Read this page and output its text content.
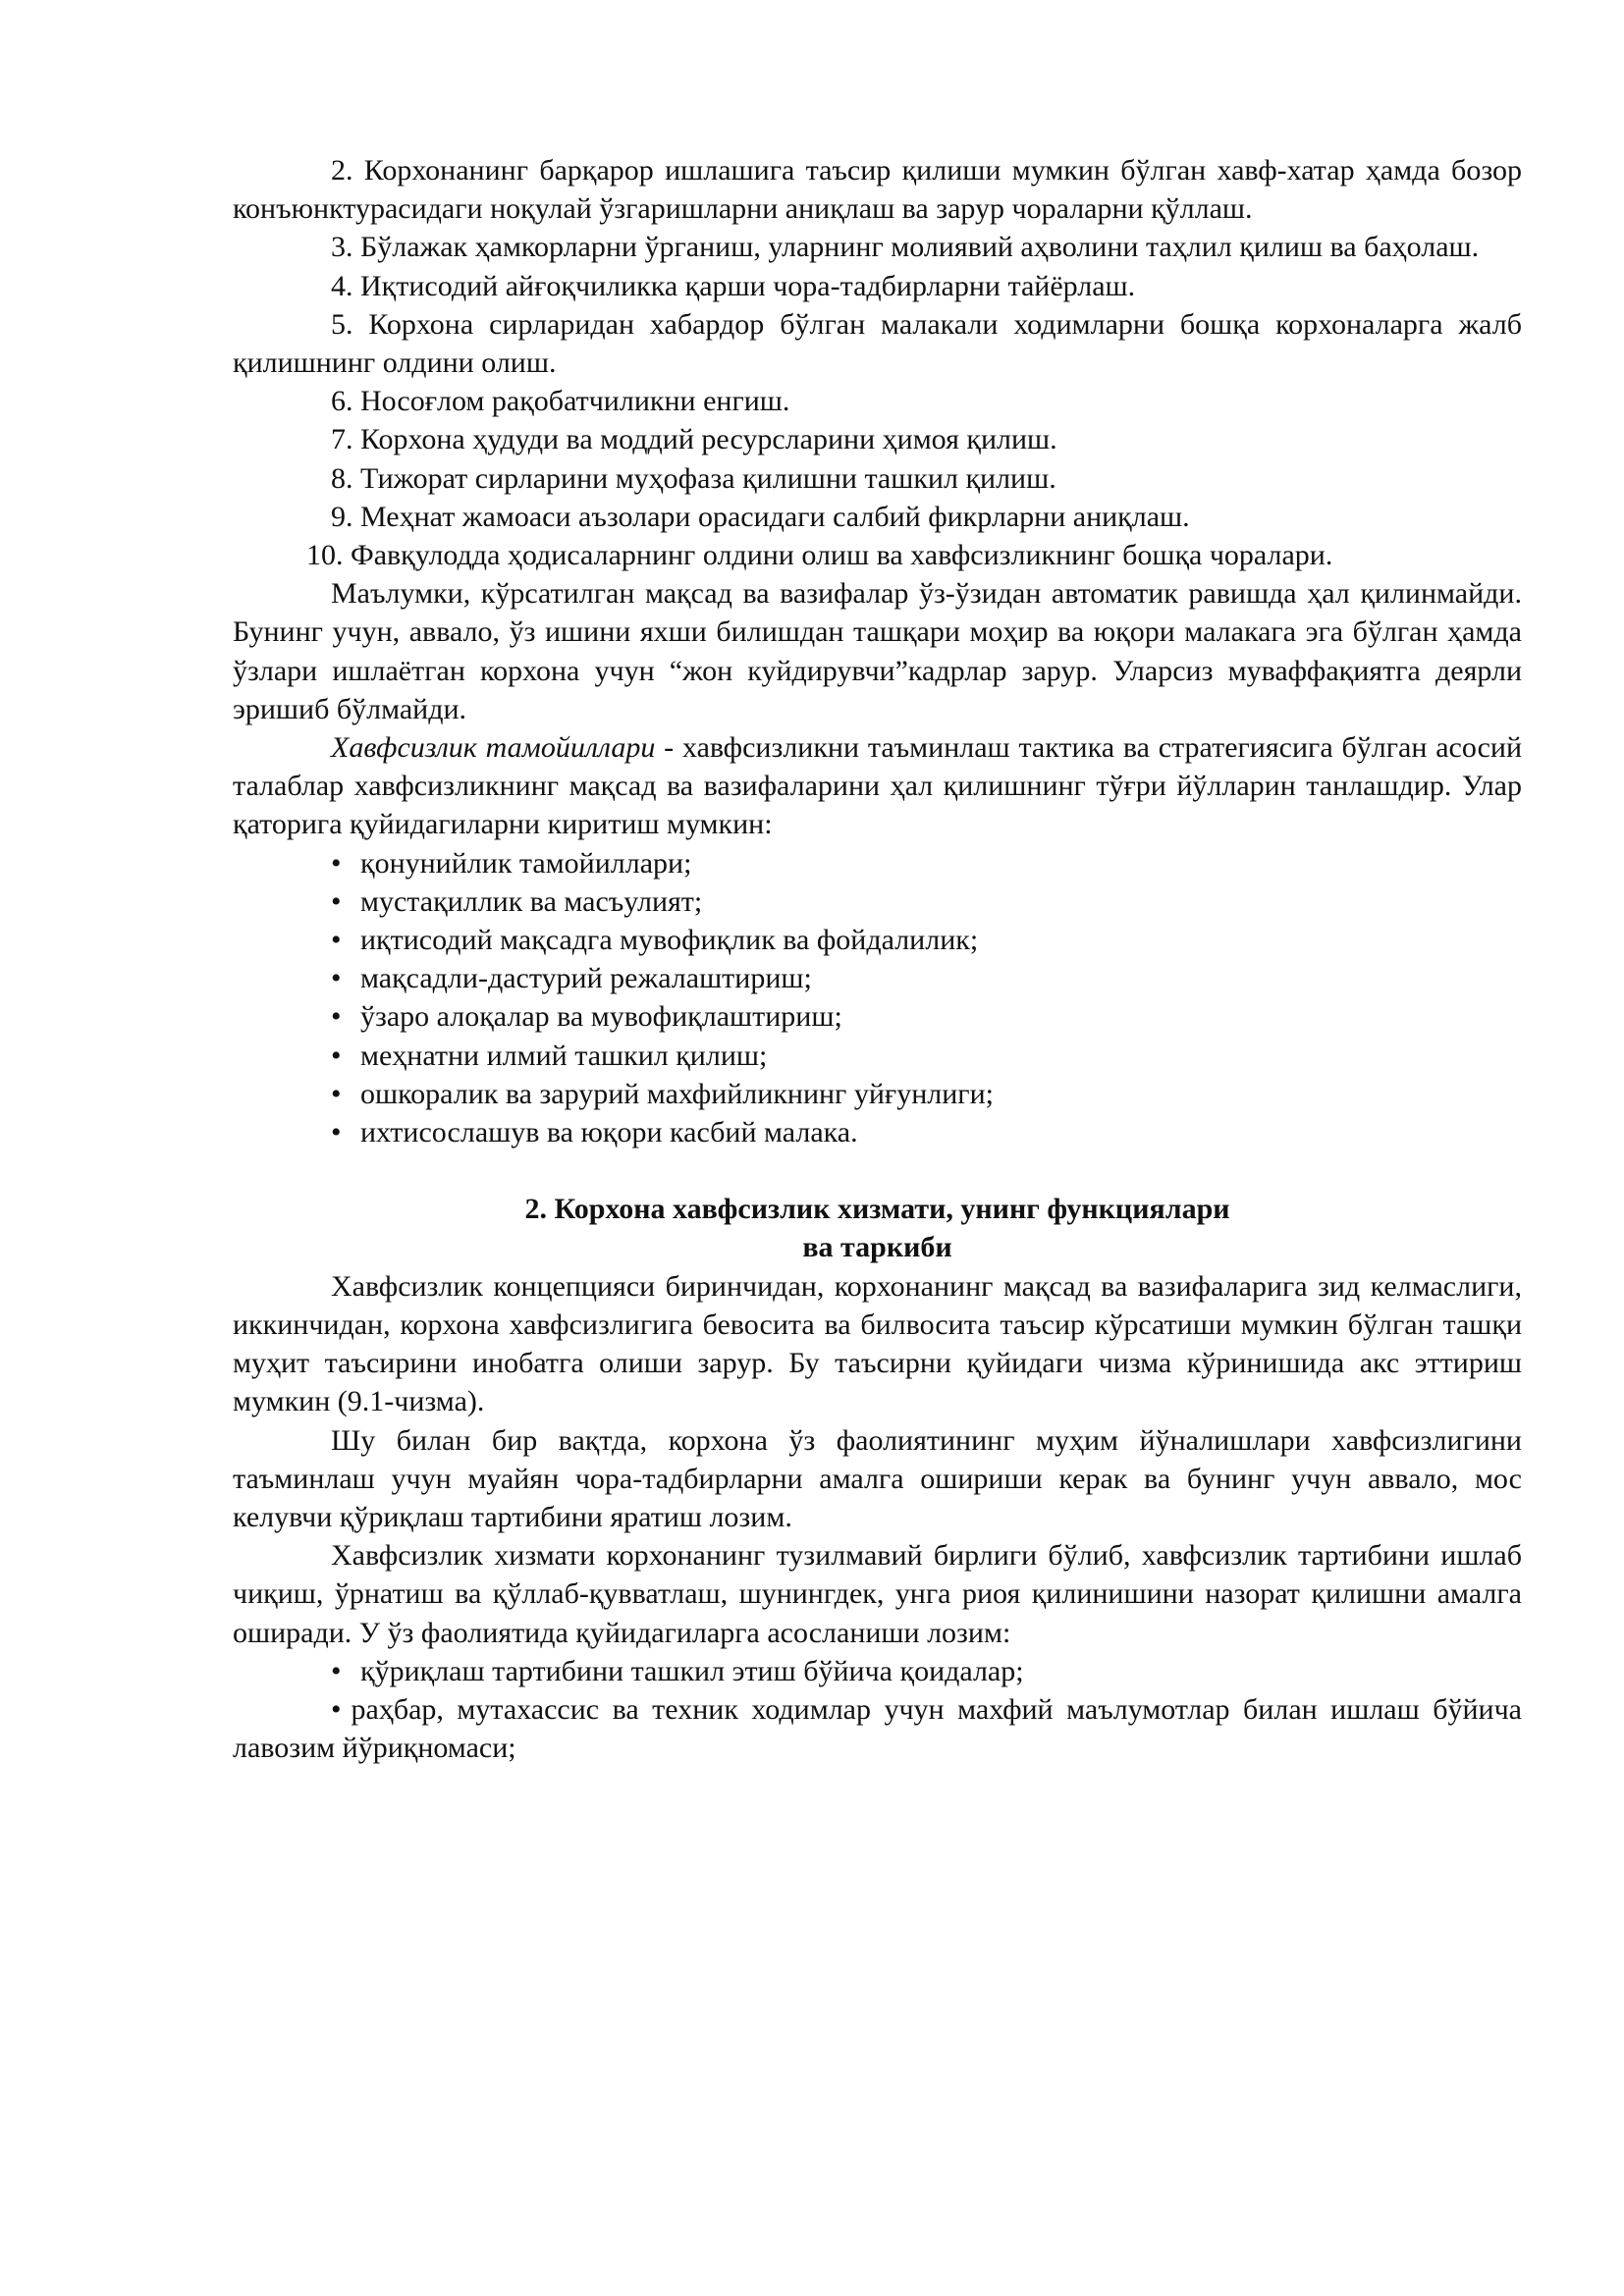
2. Корхонанинг барқарор ишлашига таъсир қилиши мумкин бўлган хавф-хатар ҳамда бозор конъюнктурасидаги ноқулай ўзгаришларни аниқлаш ва зарур чораларни қўллаш.

3. Бўлажак ҳамкорларни ўрганиш, уларнинг молиявий аҳволини таҳлил қилиш ва баҳолаш.

4. Иқтисодий айғоқчиликка қарши чора-тадбирларни тайёрлаш.

5. Корхона сирларидан хабардор бўлган малакали ходимларни бошқа корхоналарга жалб қилишнинг олдини олиш.

6. Носоғлом рақобатчиликни енгиш.

7. Корхона ҳудуди ва моддий ресурсларини ҳимоя қилиш.

8. Тижорат сирларини муҳофаза қилишни ташкил қилиш.

9. Меҳнат жамоаси аъзолари орасидаги салбий фикрларни аниқлаш.

10. Фавқулодда ҳодисаларнинг олдини олиш ва хавфсизликнинг бошқа чоралари.

Маълумки, кўрсатилган мақсад ва вазифалар ўз-ўзидан автоматик равишда ҳал қилинмайди. Бунинг учун, аввало, ўз ишини яхши билишдан ташқари моҳир ва юқори малакага эга бўлган ҳамда ўзлари ишлаётган корхона учун “жон куйдирувчи”кадрлар зарур. Уларсиз муваффақиятга деярли эришиб бўлмайди.

Хавфсизлик тамойиллари - хавфсизликни таъминлаш тактика ва стратегиясига бўлган асосий талаблар хавфсизликнинг мақсад ва вазифаларини ҳал қилишнинг тўғри йўлларин танлашдир. Улар қаторига қуйидагиларни киритиш мумкин:

• қонунийлик тамойиллари;
• мустақиллик ва масъулият;
• иқтисодий мақсадга мувофиқлик ва фойдалилик;
• мақсадли-дастурий режалаштириш;
• ўзаро алоқалар ва мувофиқлаштириш;
• меҳнатни илмий ташкил қилиш;
• ошкоралик ва зарурий махфийликнинг уйғунлиги;
• ихтисослашув ва юқори касбий малака.
2. Корхона хавфсизлик хизмати, унинг функциялари
ва таркиби

Хавфсизлик концепцияси биринчидан, корхонанинг мақсад ва вазифаларига зид келмаслиги, иккинчидан, корхона хавфсизлигига бевосита ва билвосита таъсир кўрсатиши мумкин бўлган ташқи муҳит таъсирини инобатга олиши зарур. Бу таъсирни қуйидаги чизма кўринишида акс эттириш мумкин (9.1-чизма).

Шу билан бир вақтда, корхона ўз фаолиятининг муҳим йўналишлари хавфсизлигини таъминлаш учун муайян чора-тадбирларни амалга ошириши керак ва бунинг учун аввало, мос келувчи қўриқлаш тартибини яратиш лозим.

Хавфсизлик хизмати корхонанинг тузилмавий бирлиги бўлиб, хавфсизлик тартибини ишлаб чиқиш, ўрнатиш ва қўллаб-қувватлаш, шунингдек, унга риоя қилинишини назорат қилишни амалга оширади. У ўз фаолиятида қуйидагиларга асосланиши лозим:

• қўриқлаш тартибини ташкил этиш бўйича қоидалар;
• раҳбар, мутахассис ва техник ходимлар учун махфий маълумотлар билан ишлаш бўйича лавозим йўриқномаси;
